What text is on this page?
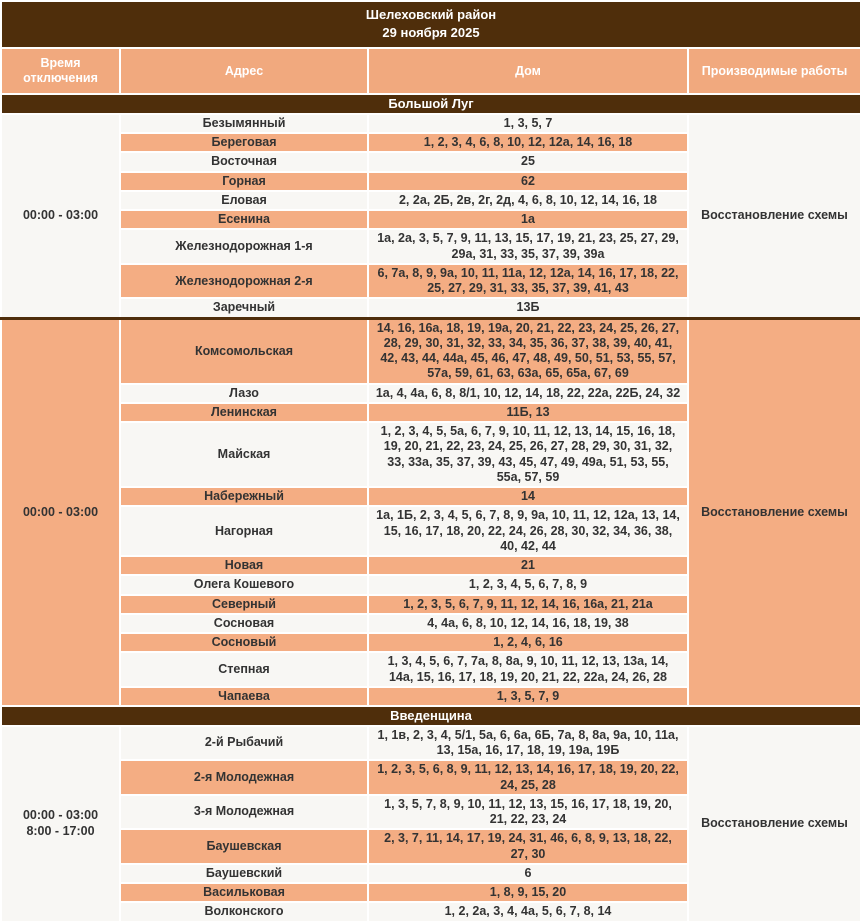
Шелеховский район
29 ноября 2025			

Время отключения	Адрес	Дом	Производимые работы
Большой Луг			

00:00 - 03:00	Безымянный	1, 3, 5, 7	Восстановление схемы
	Береговая	1, 2, 3, 4, 6, 8, 10, 12, 12а, 14, 16, 18	
	Восточная	25	
	Горная	62	
	Еловая	2, 2а, 2Б, 2в, 2г, 2д, 4, 6, 8, 10, 12, 14, 16, 18	
	Есенина	1а	
	Железнодорожная 1-я	1а, 2а, 3, 5, 7, 9, 11, 13, 15, 17, 19, 21, 23, 25, 27, 29, 29а, 31, 33, 35, 37, 39, 39а	
	Железнодорожная 2-я	6, 7а, 8, 9, 9а, 10, 11, 11а, 12, 12а, 14, 16, 17, 18, 22, 25, 27, 29, 31, 33, 35, 37, 39, 41, 43	
	Заречный	13Б	

00:00 - 03:00	Комсомольская	14, 16, 16а, 18, 19, 19а, 20, 21, 22, 23, 24, 25, 26, 27, 28, 29, 30, 31, 32, 33, 34, 35, 36, 37, 38, 39, 40, 41, 42, 43, 44, 44а, 45, 46, 47, 48, 49, 50, 51, 53, 55, 57, 57а, 59, 61, 63, 63а, 65, 65а, 67, 69	Восстановление схемы
	Лазо	1а, 4, 4а, 6, 8, 8/1, 10, 12, 14, 18, 22, 22а, 22Б, 24, 32	
	Ленинская	11Б, 13	
	Майская	1, 2, 3, 4, 5, 5а, 6, 7, 9, 10, 11, 12, 13, 14, 15, 16, 18, 19, 20, 21, 22, 23, 24, 25, 26, 27, 28, 29, 30, 31, 32, 33, 33а, 35, 37, 39, 43, 45, 47, 49, 49а, 51, 53, 55, 55а, 57, 59	
	Набережный	14	
	Нагорная	1а, 1Б, 2, 3, 4, 5, 6, 7, 8, 9, 9а, 10, 11, 12, 12а, 13, 14, 15, 16, 17, 18, 20, 22, 24, 26, 28, 30, 32, 34, 36, 38, 40, 42, 44	
	Новая	21	
	Олега Кошевого	1, 2, 3, 4, 5, 6, 7, 8, 9	
	Северный	1, 2, 3, 5, 6, 7, 9, 11, 12, 14, 16, 16а, 21, 21а	
	Сосновая	4, 4а, 6, 8, 10, 12, 14, 16, 18, 19, 38	
	Сосновый	1, 2, 4, 6, 16	
	Степная	1, 3, 4, 5, 6, 7, 7а, 8, 8а, 9, 10, 11, 12, 13, 13а, 14, 14а, 15, 16, 17, 18, 19, 20, 21, 22, 22а, 24, 26, 28	
	Чапаева	1, 3, 5, 7, 9	
Введенщина			

00:00 - 03:00
8:00 - 17:00	2-й Рыбачий	1, 1в, 2, 3, 4, 5/1, 5а, 6, 6а, 6Б, 7а, 8, 8а, 9а, 10, 11а, 13, 15а, 16, 17, 18, 19, 19а, 19Б	Восстановление схемы
	2-я Молодежная	1, 2, 3, 5, 6, 8, 9, 11, 12, 13, 14, 16, 17, 18, 19, 20, 22, 24, 25, 28	
	3-я Молодежная	1, 3, 5, 7, 8, 9, 10, 11, 12, 13, 15, 16, 17, 18, 19, 20, 21, 22, 23, 24	
	Баушевская	2, 3, 7, 11, 14, 17, 19, 24, 31, 46, 6, 8, 9, 13, 18, 22, 27, 30	
	Баушевский	6	
	Васильковая	1, 8, 9, 15, 20	
	Волконского	1, 2, 2а, 3, 4, 4а, 5, 6, 7, 8, 14	
